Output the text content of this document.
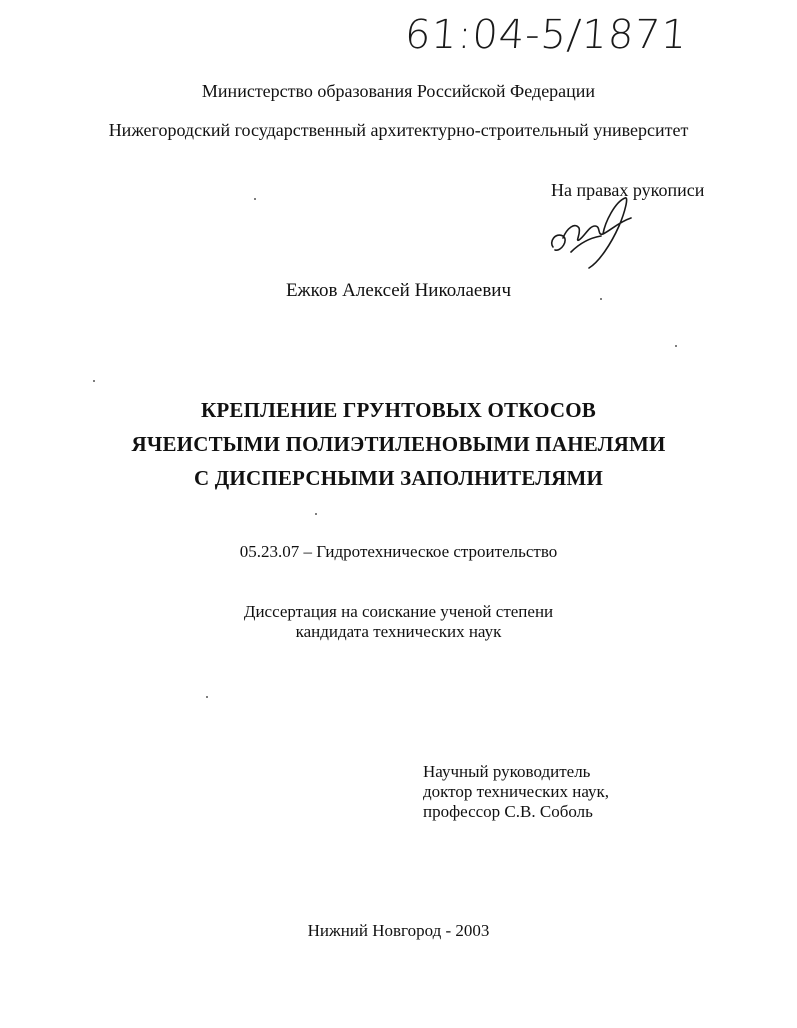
61:04-5/1871
Министерство образования Российской Федерации
Нижегородский государственный архитектурно-строительный университет
На правах рукописи
Ежков Алексей Николаевич
КРЕПЛЕНИЕ ГРУНТОВЫХ ОТКОСОВ
ЯЧЕИСТЫМИ ПОЛИЭТИЛЕНОВЫМИ ПАНЕЛЯМИ
С ДИСПЕРСНЫМИ ЗАПОЛНИТЕЛЯМИ
05.23.07 – Гидротехническое строительство
Диссертация на соискание ученой степени
кандидата технических наук
Научный руководитель
доктор технических наук,
профессор С.В. Соболь
Нижний Новгород - 2003
